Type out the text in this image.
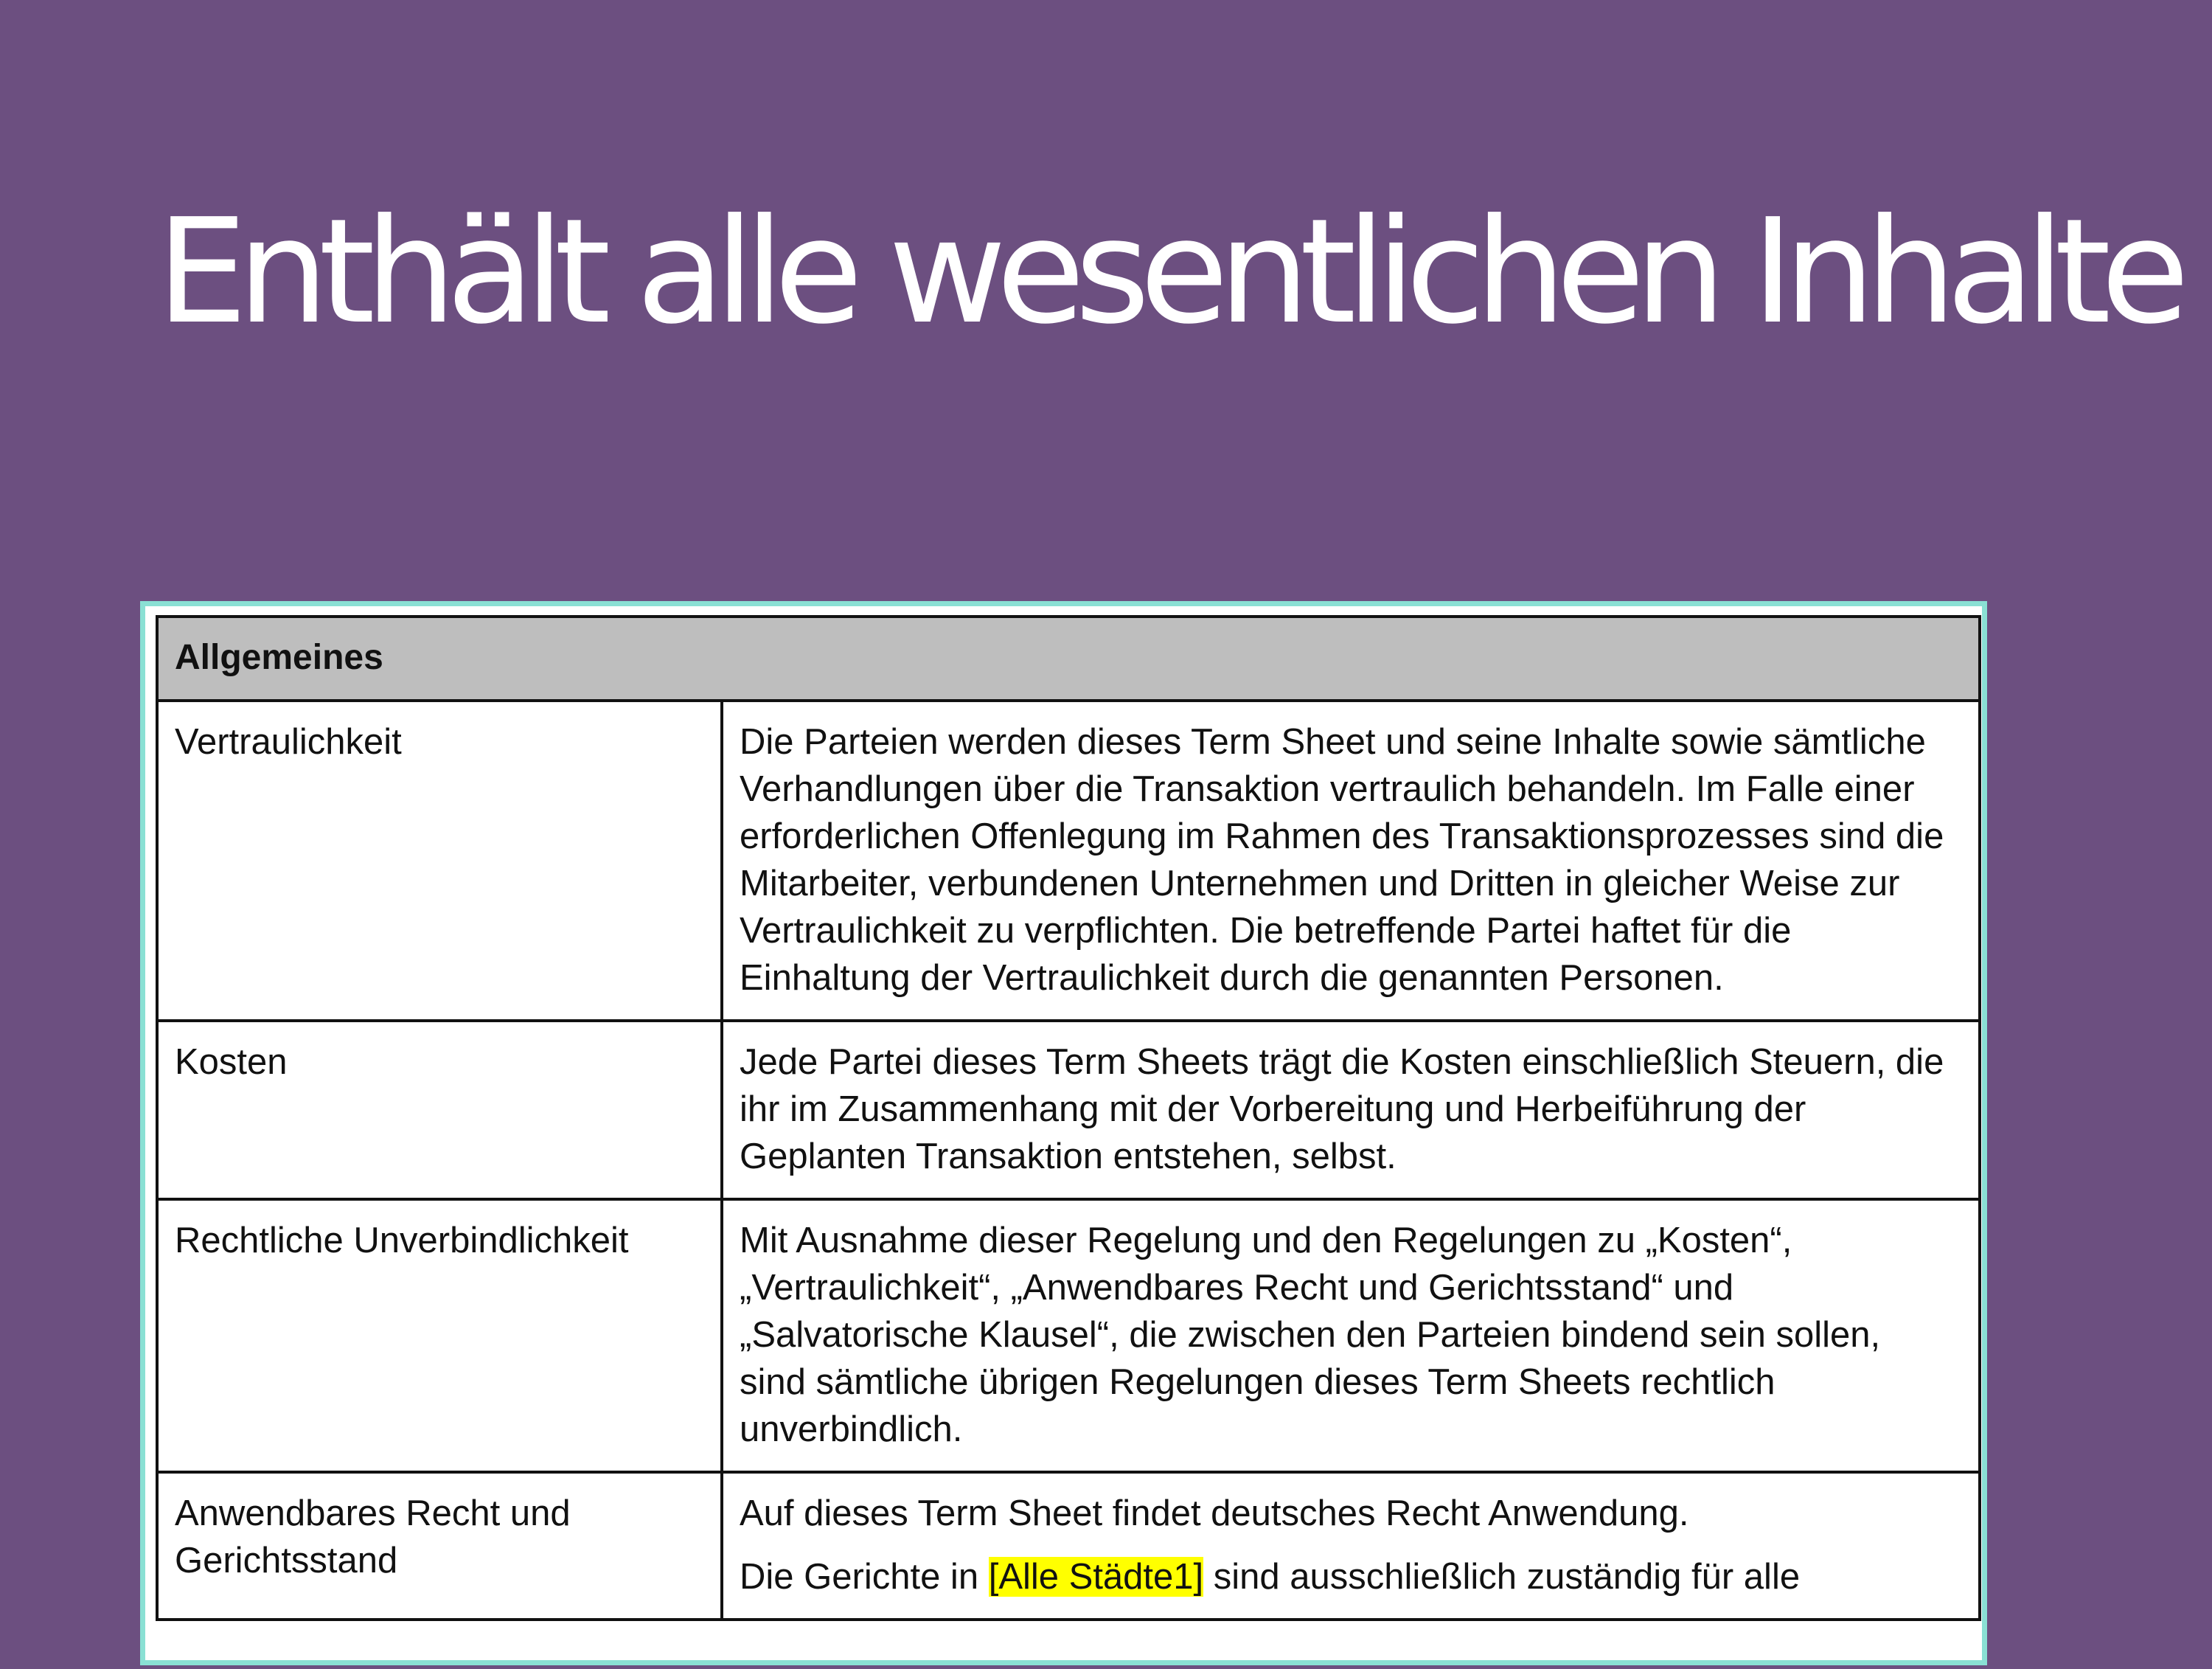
Enthält alle wesentlichen Inhalte
Allgemeines	
Vertraulichkeit	Die Parteien werden dieses Term Sheet und seine Inhalte sowie sämtliche Verhandlungen über die Transaktion vertraulich behandeln. Im Falle einer erforderlichen Offenlegung im Rahmen des Transaktionsprozesses sind die Mitarbeiter, verbundenen Unternehmen und Dritten in gleicher Weise zur Vertraulichkeit zu verpflichten. Die betreffende Partei haftet für die Einhaltung der Vertraulichkeit durch die genannten Personen.

Kosten	Jede Partei dieses Term Sheets trägt die Kosten einschließlich Steuern, die ihr im Zusammenhang mit der Vorbereitung und Herbeiführung der Geplanten Transaktion entstehen, selbst.

Rechtliche Unverbindlichkeit	Mit Ausnahme dieser Regelung und den Regelungen zu „Kosten“, „Vertraulichkeit“, „Anwendbares Recht und Gerichtsstand“ und „Salvatorische Klausel“, die zwischen den Parteien bindend sein sollen, sind sämtliche übrigen Regelungen dieses Term Sheets rechtlich unverbindlich.

Anwendbares Recht und Gerichtsstand	Auf dieses Term Sheet findet deutsches Recht Anwendung.

Die Gerichte in [Alle Städte1] sind ausschließlich zuständig für alle
